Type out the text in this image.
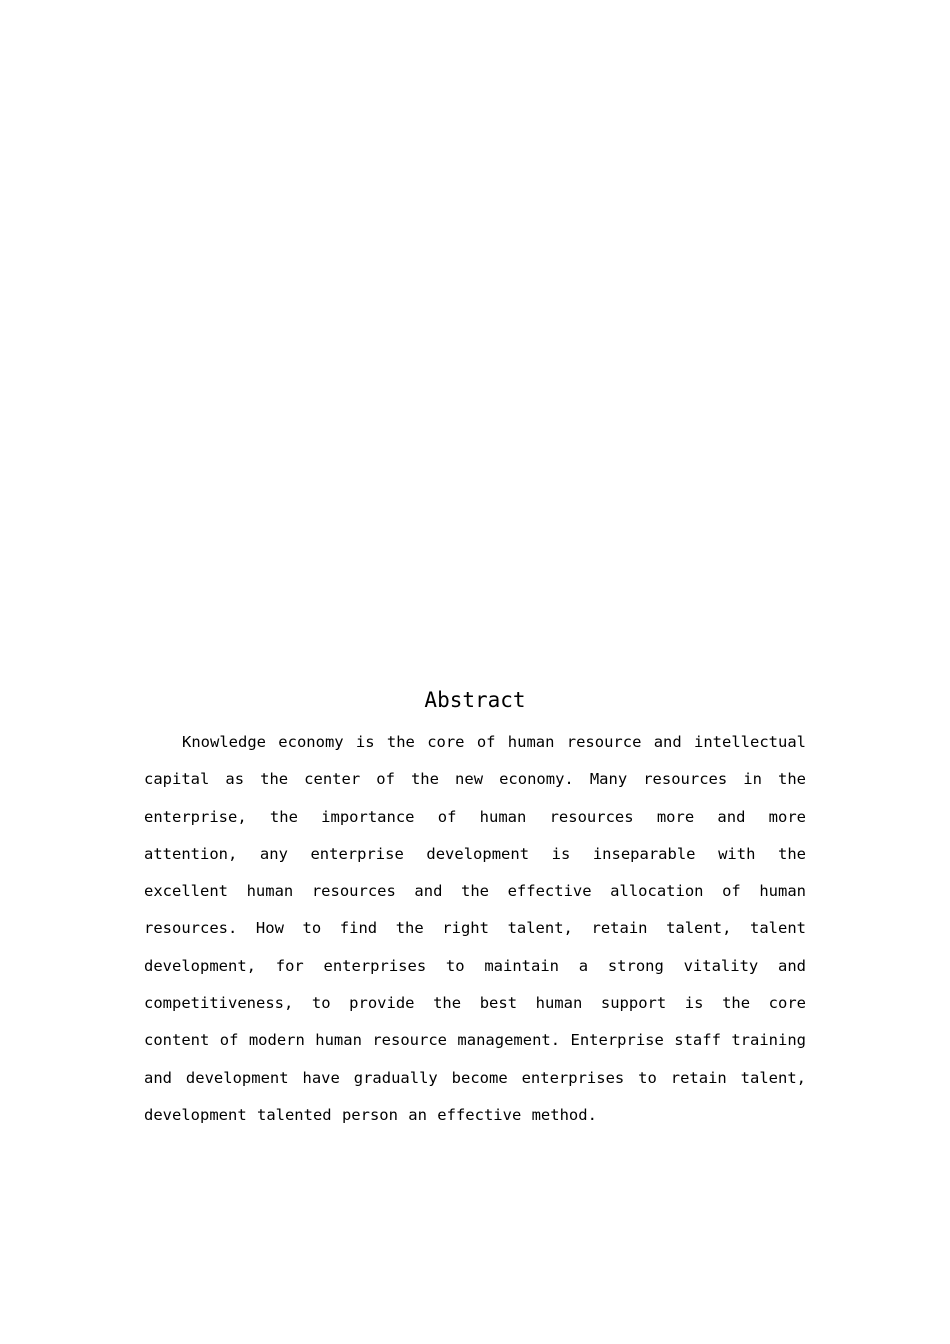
Abstract

Knowledge economy is the core of human resource and intellectual capital as the center of the new economy. Many resources in the enterprise, the importance of human resources more and more attention, any enterprise development is inseparable with the excellent human resources and the effective allocation of human resources. How to find the right talent, retain talent, talent development, for enterprises to maintain a strong vitality and competitiveness, to provide the best human support is the core content of modern human resource management. Enterprise staff training and development have gradually become enterprises to retain talent, development talented person an effective method.
